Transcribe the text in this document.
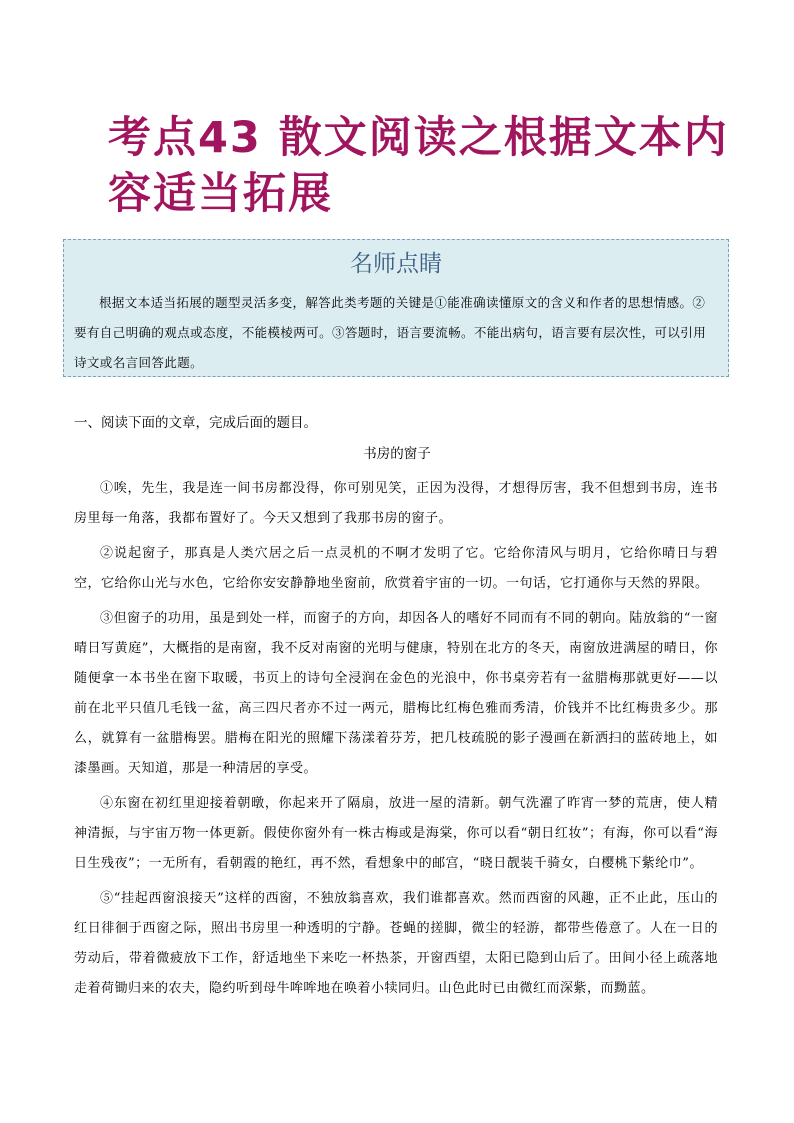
考点43 散文阅读之根据文本内
容适当拓展
名师点睛
根据文本适当拓展的题型灵活多变，解答此类考题的关键是①能准确读懂原文的含义和作者的思想情感。②要有自己明确的观点或态度，不能模棱两可。③答题时，语言要流畅。不能出病句，语言要有层次性，可以引用诗文或名言回答此题。
一、阅读下面的文章，完成后面的题目。
书房的窗子

①唉，先生，我是连一间书房都没得，你可别见笑，正因为没得，才想得厉害，我不但想到书房，连书房里每一角落，我都布置好了。今天又想到了我那书房的窗子。

②说起窗子，那真是人类穴居之后一点灵机的不啊才发明了它。它给你清风与明月，它给你晴日与碧空，它给你山光与水色，它给你安安静静地坐窗前，欣赏着宇宙的一切。一句话，它打通你与天然的界限。

③但窗子的功用，虽是到处一样，而窗子的方向，却因各人的嗜好不同而有不同的朝向。陆放翁的“一窗晴日写黄庭”，大概指的是南窗，我不反对南窗的光明与健康，特别在北方的冬天，南窗放进满屋的晴日，你随便拿一本书坐在窗下取暖，书页上的诗句全浸润在金色的光浪中，你书桌旁若有一盆腊梅那就更好——以前在北平只值几毛钱一盆，高三四尺者亦不过一两元，腊梅比红梅色雅而秀清，价钱并不比红梅贵多少。那么，就算有一盆腊梅罢。腊梅在阳光的照耀下荡漾着芬芳，把几枝疏脱的影子漫画在新洒扫的蓝砖地上，如漆墨画。天知道，那是一种清居的享受。

④东窗在初红里迎接着朝暾，你起来开了隔扇，放进一屋的清新。朝气洗濯了昨宵一梦的荒唐，使人精神清振，与宇宙万物一体更新。假使你窗外有一株古梅或是海棠，你可以看“朝日红妆”；有海，你可以看“海日生残夜”；一无所有，看朝霞的艳红，再不然，看想象中的邮宫，“晓日靓装千骑女，白樱桃下紫纶巾”。

⑤“挂起西窗浪接天”这样的西窗，不独放翁喜欢，我们谁都喜欢。然而西窗的风趣，正不止此，压山的红日徘徊于西窗之际，照出书房里一种透明的宁静。苍蝇的搓脚，微尘的轻游，都带些倦意了。人在一日的劳动后，带着微疲放下工作，舒适地坐下来吃一杯热茶，开窗西望，太阳已隐到山后了。田间小径上疏落地走着荷锄归来的农夫，隐约听到母牛哞哞地在唤着小犊同归。山色此时已由微红而深紫，而黝蓝。
